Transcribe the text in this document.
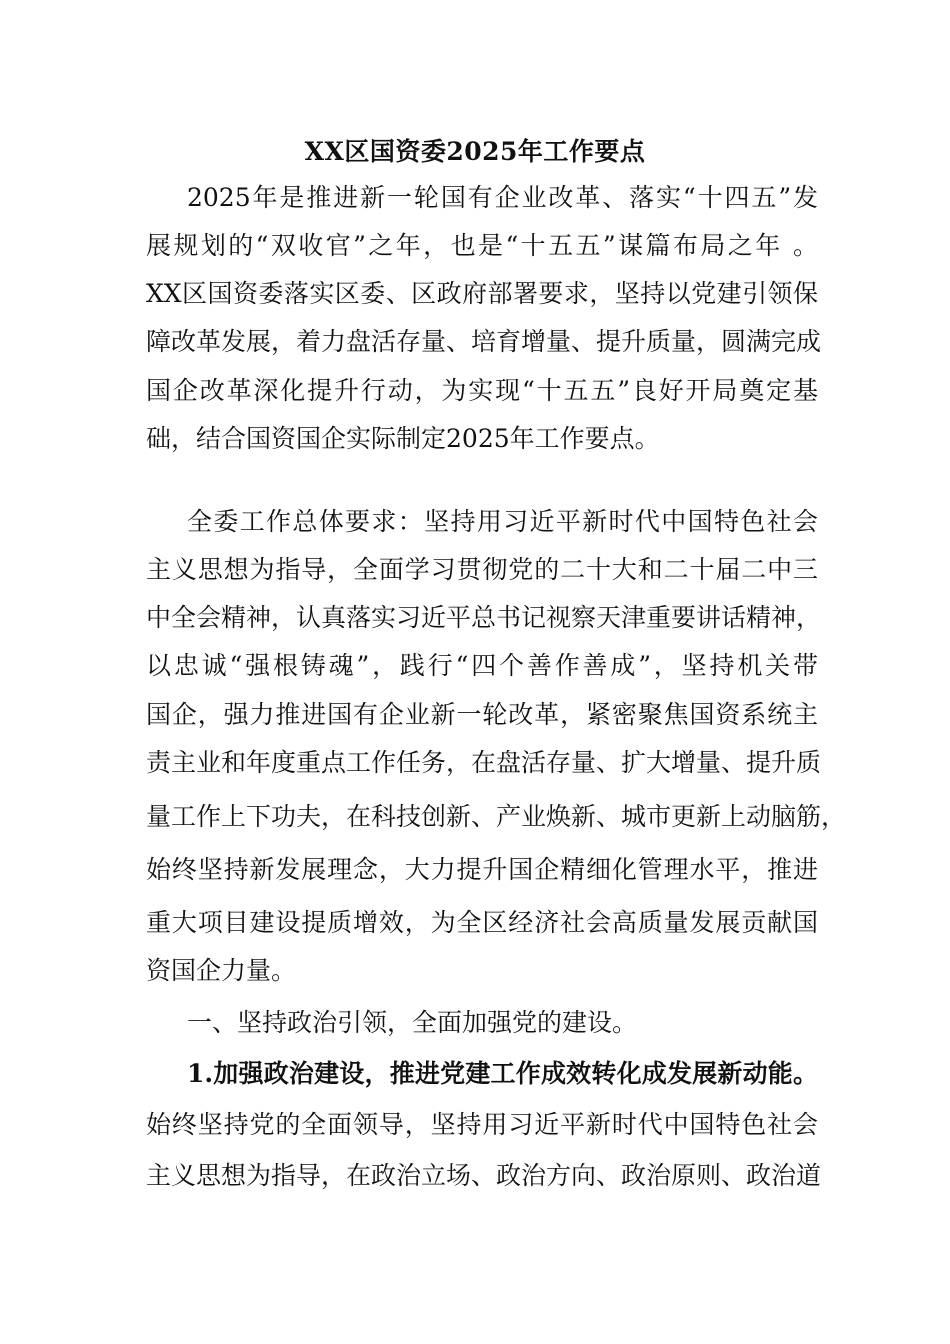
XX区国资委2025年工作要点
2025年是推进新一轮国有企业改革、落实“十四五”发
展规划的“双收官”之年，也是“十五五”谋篇布局之年 。
XX区国资委落实区委、区政府部署要求，坚持以党建引领保
障改革发展，着力盘活存量、培育增量、提升质量，圆满完成
国企改革深化提升行动，为实现“十五五”良好开局奠定基
础，结合国资国企实际制定2025年工作要点。
全委工作总体要求：坚持用习近平新时代中国特色社会
主义思想为指导，全面学习贯彻党的二十大和二十届二中三
中全会精神，认真落实习近平总书记视察天津重要讲话精神，
以忠诚“强根铸魂”，践行“四个善作善成”，坚持机关带
国企，强力推进国有企业新一轮改革，紧密聚焦国资系统主
责主业和年度重点工作任务，在盘活存量、扩大增量、提升质
量工作上下功夫，在科技创新、产业焕新、城市更新上动脑筋，
始终坚持新发展理念，大力提升国企精细化管理水平，推进
重大项目建设提质增效，为全区经济社会高质量发展贡献国
资国企力量。
一、坚持政治引领，全面加强党的建设。
1.加强政治建设，推进党建工作成效转化成发展新动能。
始终坚持党的全面领导，坚持用习近平新时代中国特色社会
主义思想为指导，在政治立场、政治方向、政治原则、政治道
